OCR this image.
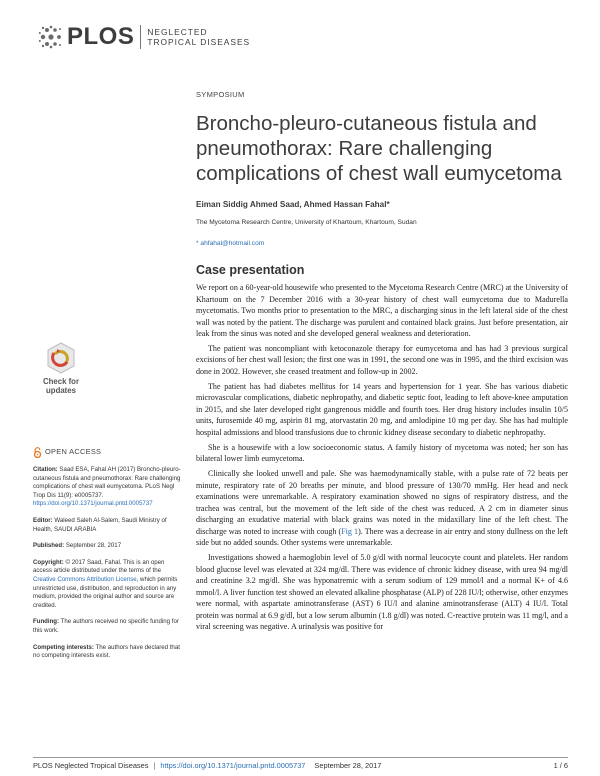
PLOS NEGLECTED
TROPICAL DISEASES
SYMPOSIUM
Broncho-pleuro-cutaneous fistula and pneumothorax: Rare challenging complications of chest wall eumycetoma
Eiman Siddig Ahmed Saad, Ahmed Hassan Fahal*
The Mycetoma Research Centre, University of Khartoum, Khartoum, Sudan
* ahfahal@hotmail.com
Case presentation

We report on a 60-year-old housewife who presented to the Mycetoma Research Centre (MRC) at the University of Khartoum on the 7 December 2016 with a 30-year history of chest wall eumycetoma due to Madurella mycetomatis. Two months prior to presentation to the MRC, a discharging sinus in the left lateral side of the chest wall was noted by the patient. The discharge was purulent and contained black grains. Just before presentation, air leak from the sinus was noted and she developed general weakness and deterioration.

The patient was noncompliant with ketoconazole therapy for eumycetoma and has had 3 previous surgical excisions of her chest wall lesion; the first one was in 1991, the second one was in 1995, and the third excision was done in 2002. However, she ceased treatment and follow-up in 2002.

The patient has had diabetes mellitus for 14 years and hypertension for 1 year. She has various diabetic microvascular complications, diabetic nephropathy, and diabetic septic foot, leading to left above-knee amputation in 2015, and she later developed right gangrenous middle and fourth toes. Her drug history includes insulin 10/5 units, furosemide 40 mg, aspirin 81 mg, atorvastatin 20 mg, and amlodipine 10 mg per day. She has had multiple hospital admissions and blood transfusions due to chronic kidney disease secondary to diabetic nephropathy.

She is a housewife with a low socioeconomic status. A family history of mycetoma was noted; her son has bilateral lower limb eumycetoma.

Clinically she looked unwell and pale. She was haemodynamically stable, with a pulse rate of 72 beats per minute, respiratory rate of 20 breaths per minute, and blood pressure of 130/70 mmHg. Her head and neck examinations were unremarkable. A respiratory examination showed no signs of respiratory distress, and the trachea was central, but the movement of the left side of the chest was reduced. A 2 cm in diameter sinus discharging an exudative material with black grains was noted in the midaxillary line of the left chest. The discharge was noted to increase with cough (Fig 1). There was a decrease in air entry and stony dullness on the left side but no added sounds. Other systems were unremarkable.

Investigations showed a haemoglobin level of 5.0 g/dl with normal leucocyte count and platelets. Her random blood glucose level was elevated at 324 mg/dl. There was evidence of chronic kidney disease, with urea 94 mg/dl and creatinine 3.2 mg/dl. She was hyponatremic with a serum sodium of 129 mmol/l and a normal K+ of 4.6 mmol/l. A liver function test showed an elevated alkaline phosphatase (ALP) of 228 IU/l; otherwise, other enzymes were normal, with aspartate aminotransferase (AST) 6 IU/l and alanine aminotransferase (ALT) 4 IU/l. Total protein was normal at 6.9 g/dl, but a low serum albumin (1.8 g/dl) was noted. C-reactive protein was 11 mg/l, and a viral screening was negative. A urinalysis was positive for

Check for
updates
OPEN ACCESS
Citation: Saad ESA, Fahal AH (2017) Broncho-pleuro-cutaneous fistula and pneumothorax: Rare challenging complications of chest wall eumycetoma. PLoS Negl Trop Dis 11(9): e0005737. https://doi.org/10.1371/journal.pntd.0005737
Editor: Waleed Saleh Al-Salem, Saudi Ministry of Health, SAUDI ARABIA
Published: September 28, 2017
Copyright: © 2017 Saad, Fahal. This is an open access article distributed under the terms of the Creative Commons Attribution License, which permits unrestricted use, distribution, and reproduction in any medium, provided the original author and source are credited.
Funding: The authors received no specific funding for this work.
Competing interests: The authors have declared that no competing interests exist.
PLOS Neglected Tropical Diseases | https://doi.org/10.1371/journal.pntd.0005737 September 28, 2017	1 / 6
